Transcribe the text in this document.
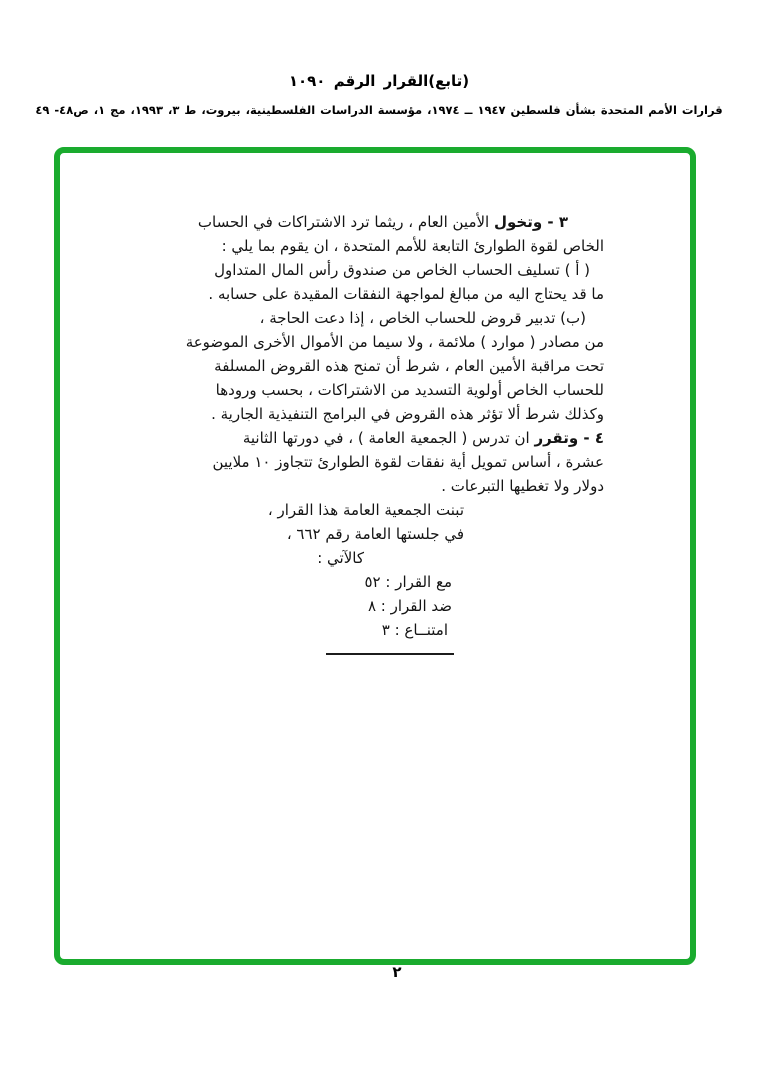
(تابع)القرار الرقم ١٠٩٠
قرارات الأمم المتحدة بشأن فلسطين ١٩٤٧ ــ ١٩٧٤، مؤسسة الدراسات الفلسطينية، بيروت، ط ٣، ١٩٩٣، مج ١، ص٤٨- ٤٩
٣ - وتخول الأمين العام ، ريثما ترد الاشتراكات في الحساب
الخاص لقوة الطوارئ التابعة للأمم المتحدة ، ان يقوم بما يلي :
( أ ) تسليف الحساب الخاص من صندوق رأس المال المتداول
ما قد يحتاج اليه من مبالغ لمواجهة النفقات المقيدة على حسابه .
(ب) تدبير قروض للحساب الخاص ، إذا دعت الحاجة ،
من مصادر ( موارد ) ملائمة ، ولا سيما من الأموال الأخرى الموضوعة
تحت مراقبة الأمين العام ، شرط أن تمنح هذه القروض المسلفة
للحساب الخاص أولوية التسديد من الاشتراكات ، بحسب ورودها
وكذلك شرط ألا تؤثر هذه القروض في البرامج التنفيذية الجارية .
٤ - وتقرر ان تدرس ( الجمعية العامة ) ، في دورتها الثانية
عشرة ، أساس تمويل أية نفقات لقوة الطوارئ تتجاوز ١٠ ملايين
دولار ولا تغطيها التبرعات .
تبنت الجمعية العامة هذا القرار ،
في جلستها العامة رقم ٦٦٢ ،
كالآتي :
مع القرار : ٥٢
ضد القرار : ٨
امتنــاع : ٣
٢
